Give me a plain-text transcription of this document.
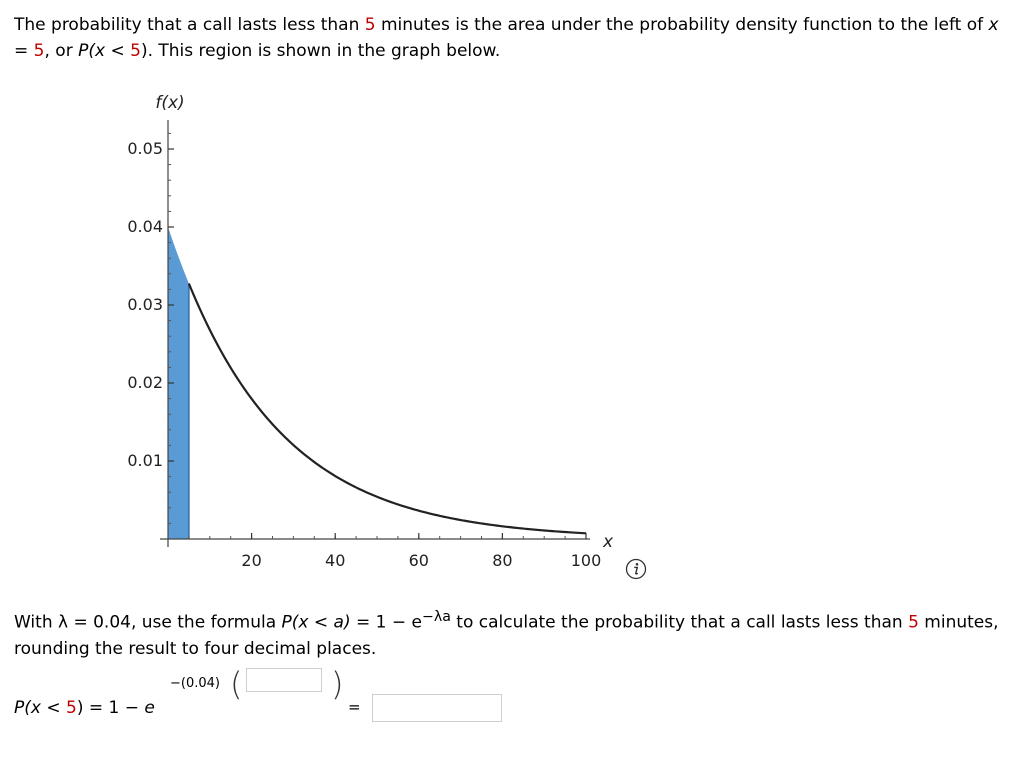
The probability that a call lasts less than 5 minutes is the area under the probability density function to the left of x = 5, or P(x < 5). This region is shown in the graph below.
0.01
0.02
0.03
0.04
0.05
20	40	60	80	100
f(x)
x
With λ = 0.04, use the formula $P(x < a) = 1 - e^{-\lambda a}$ to calculate the probability that a call lasts less than 5 minutes, rounding the result to four decimal places.
P(x < 5) = 1 − e
−(0.04) (	)
=
